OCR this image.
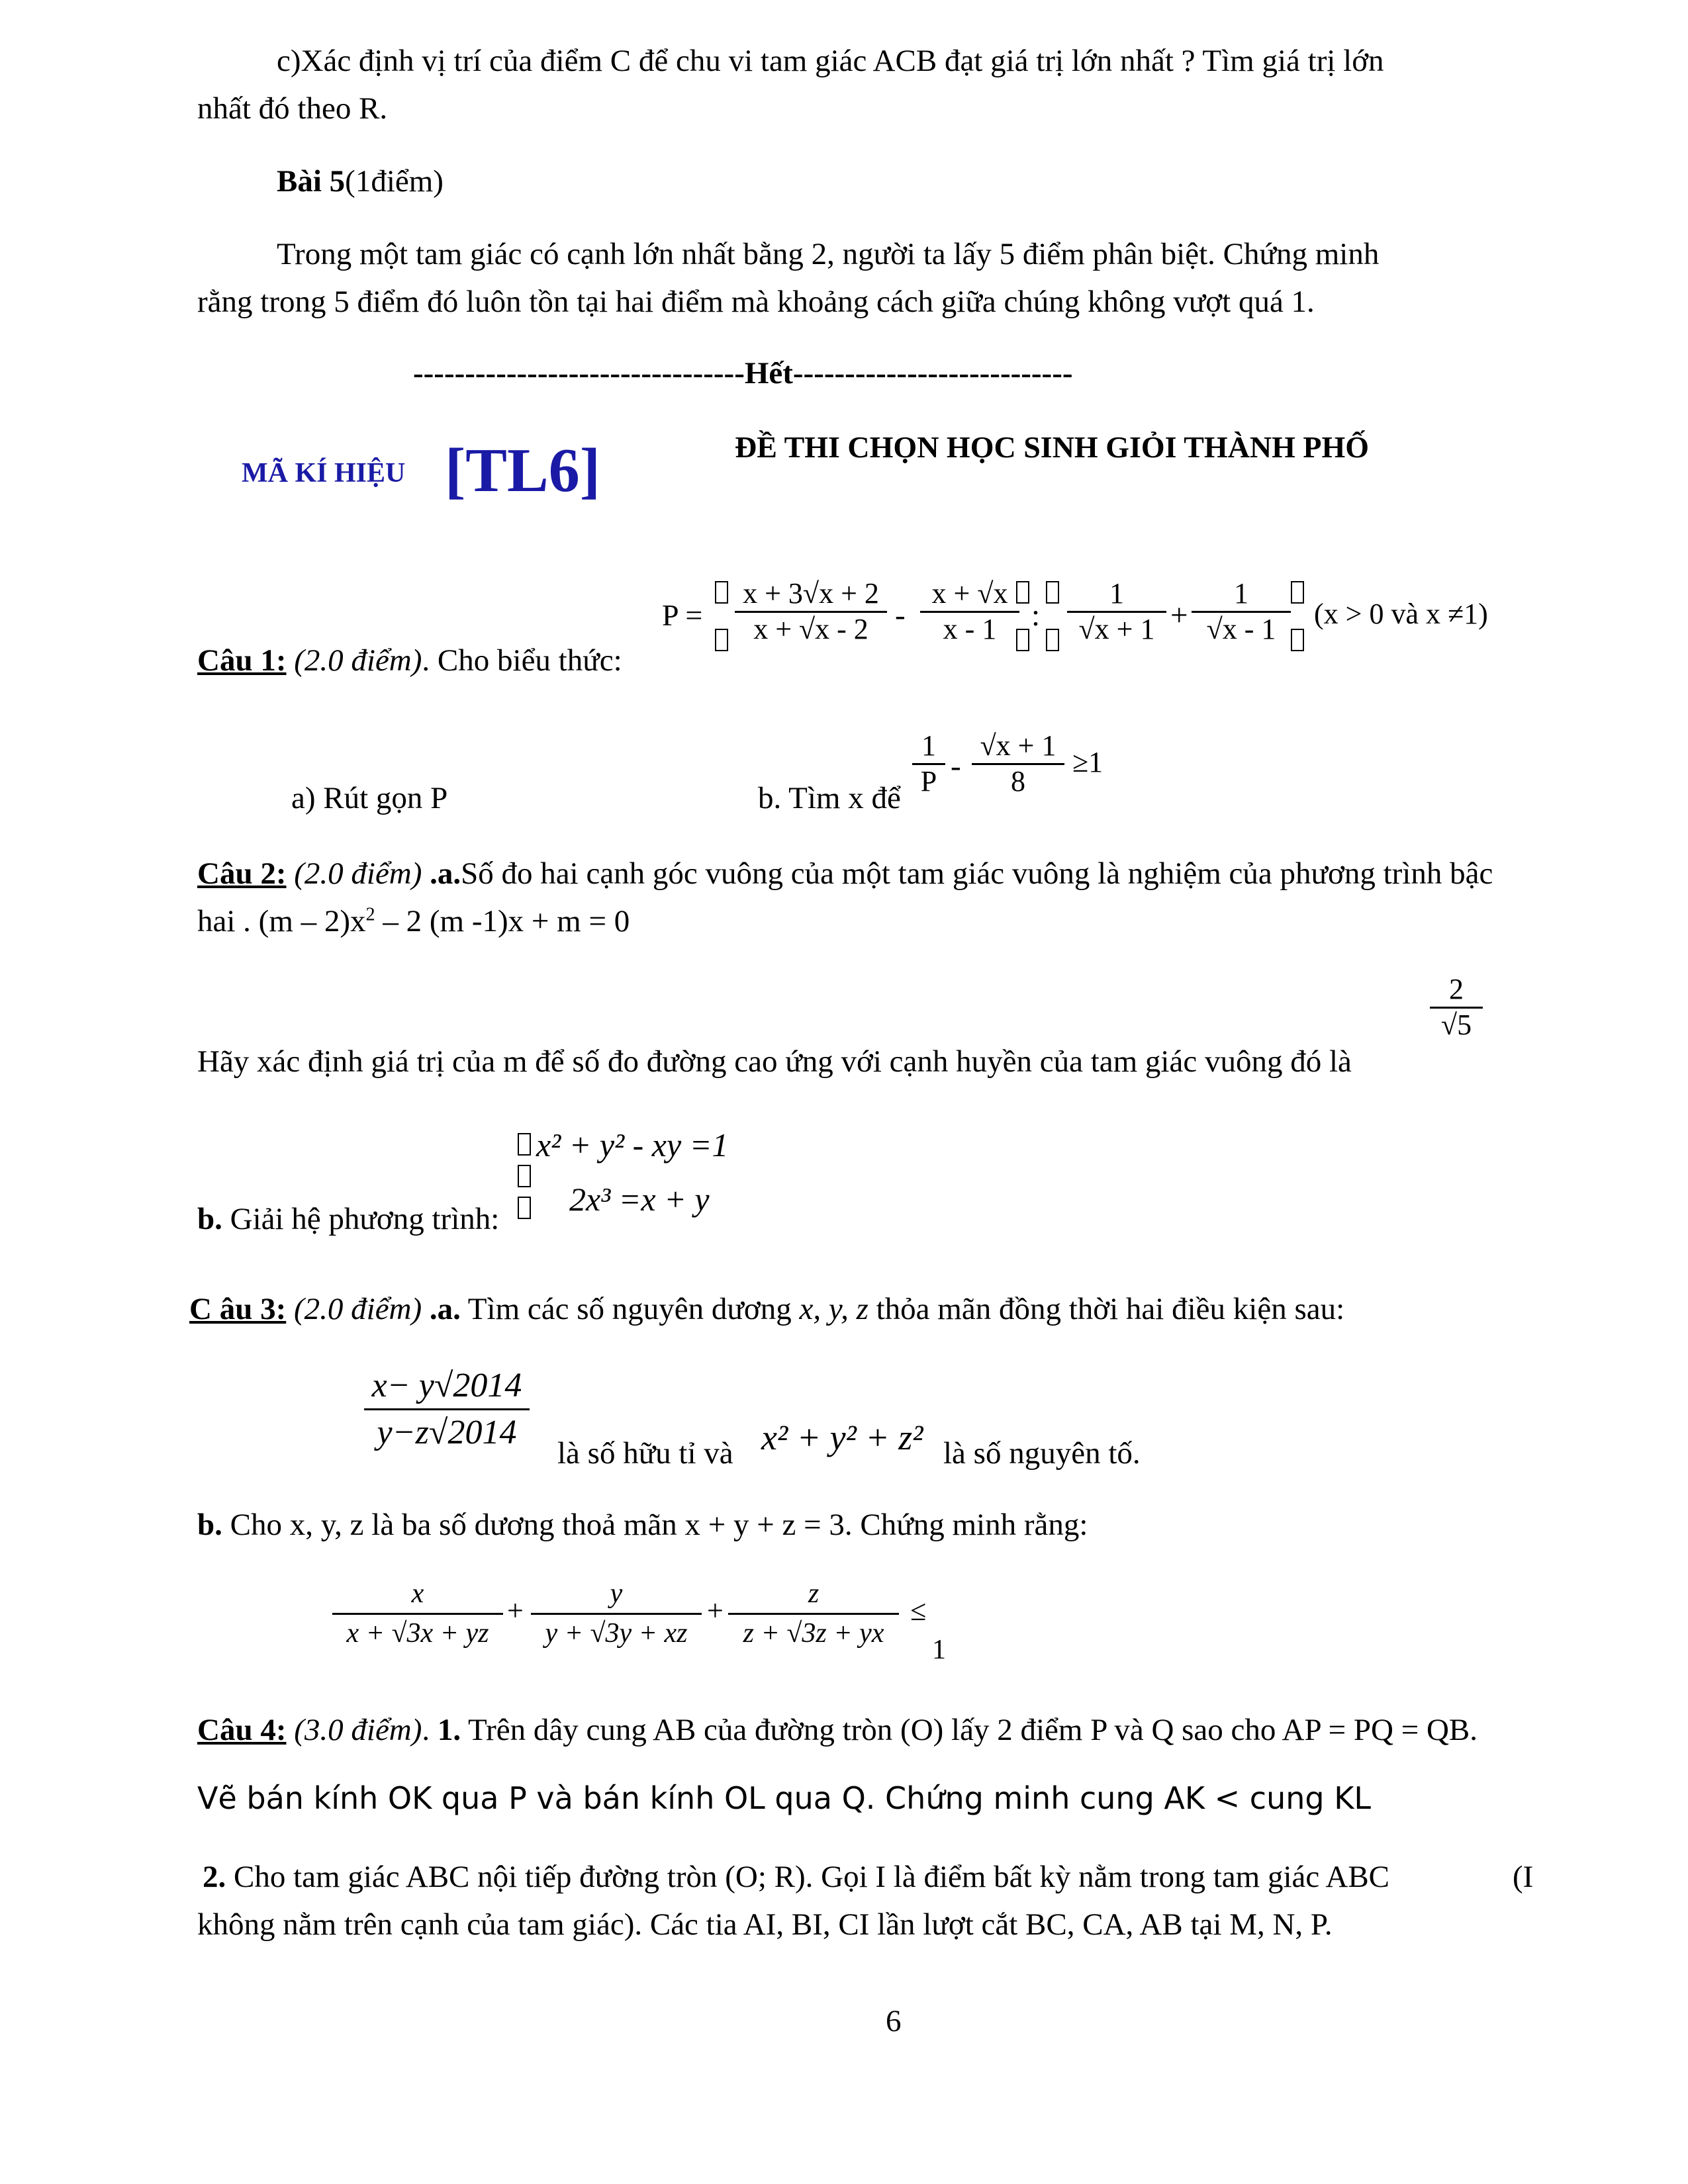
c)Xác định vị trí của điểm C để chu vi tam giác ACB đạt giá trị lớn nhất ? Tìm giá trị lớn
nhất đó theo R.
Bài 5(1điểm)
Trong một tam giác có cạnh lớn nhất bằng 2, người ta lấy 5 điểm phân biệt. Chứng minh
rằng trong 5 điểm đó luôn tồn tại hai điểm mà khoảng cách giữa chúng không vượt quá 1.
--------------------------------Hết---------------------------
MÃ KÍ HIỆU [TL6]	ĐỀ THI CHỌN HỌC SINH GIỎI THÀNH PHỐ
Câu 1: (2.0 điểm). Cho biểu thức:
$P = \frac{x + 3√x + 2}{x + √x - 2} - \frac{x + √x}{x - 1}$ : $\frac{1}{√x + 1} + \frac{1}{√x - 1} (x > 0$ và x ≠1)
a) Rút gọn P	b. Tìm x để $\frac{1}{P} - \frac{√x + 1}{8} \ge 1$
Câu 2: (2.0 điểm) .a.Số đo hai cạnh góc vuông của một tam giác vuông là nghiệm của phương trình bậc
hai . $(m - 2)x^2 - 2$ (m -1)x + m = 0
$\frac{2}{√5}$
Hãy xác định giá trị của m để số đo đường cao ứng với cạnh huyền của tam giác vuông đó là
x² + y² - xy =1
2x³ =x + y
b. Giải hệ phương trình:
C âu 3: (2.0 điểm) .a. Tìm các số nguyên dương x, y, z thỏa mãn đồng thời hai điều kiện sau:
$\frac{x- y√2014}{y-z√2014}$ là số hữu tỉ và x² + y² + z² là số nguyên tố.
b. Cho x, y, z là ba số dương thoả mãn x + y + z = 3. Chứng minh rằng:
$\frac{x}{x + √3x + yz} + \frac{y}{y + √3y + xz} + \frac{z}{z + √3z + yx}$ ≤
1
Câu 4: (3.0 điểm). 1. Trên dây cung AB của đường tròn (O) lấy 2 điểm P và Q sao cho AP = PQ = QB.
Vẽ bán kính OK qua P và bán kính OL qua Q. Chứng minh cung AK < cung KL
2. Cho tam giác ABC nội tiếp đường tròn (O; R). Gọi I là điểm bất kỳ nằm trong tam giác ABC	(I
không nằm trên cạnh của tam giác). Các tia AI, BI, CI lần lượt cắt BC, CA, AB tại M, N, P.
6
